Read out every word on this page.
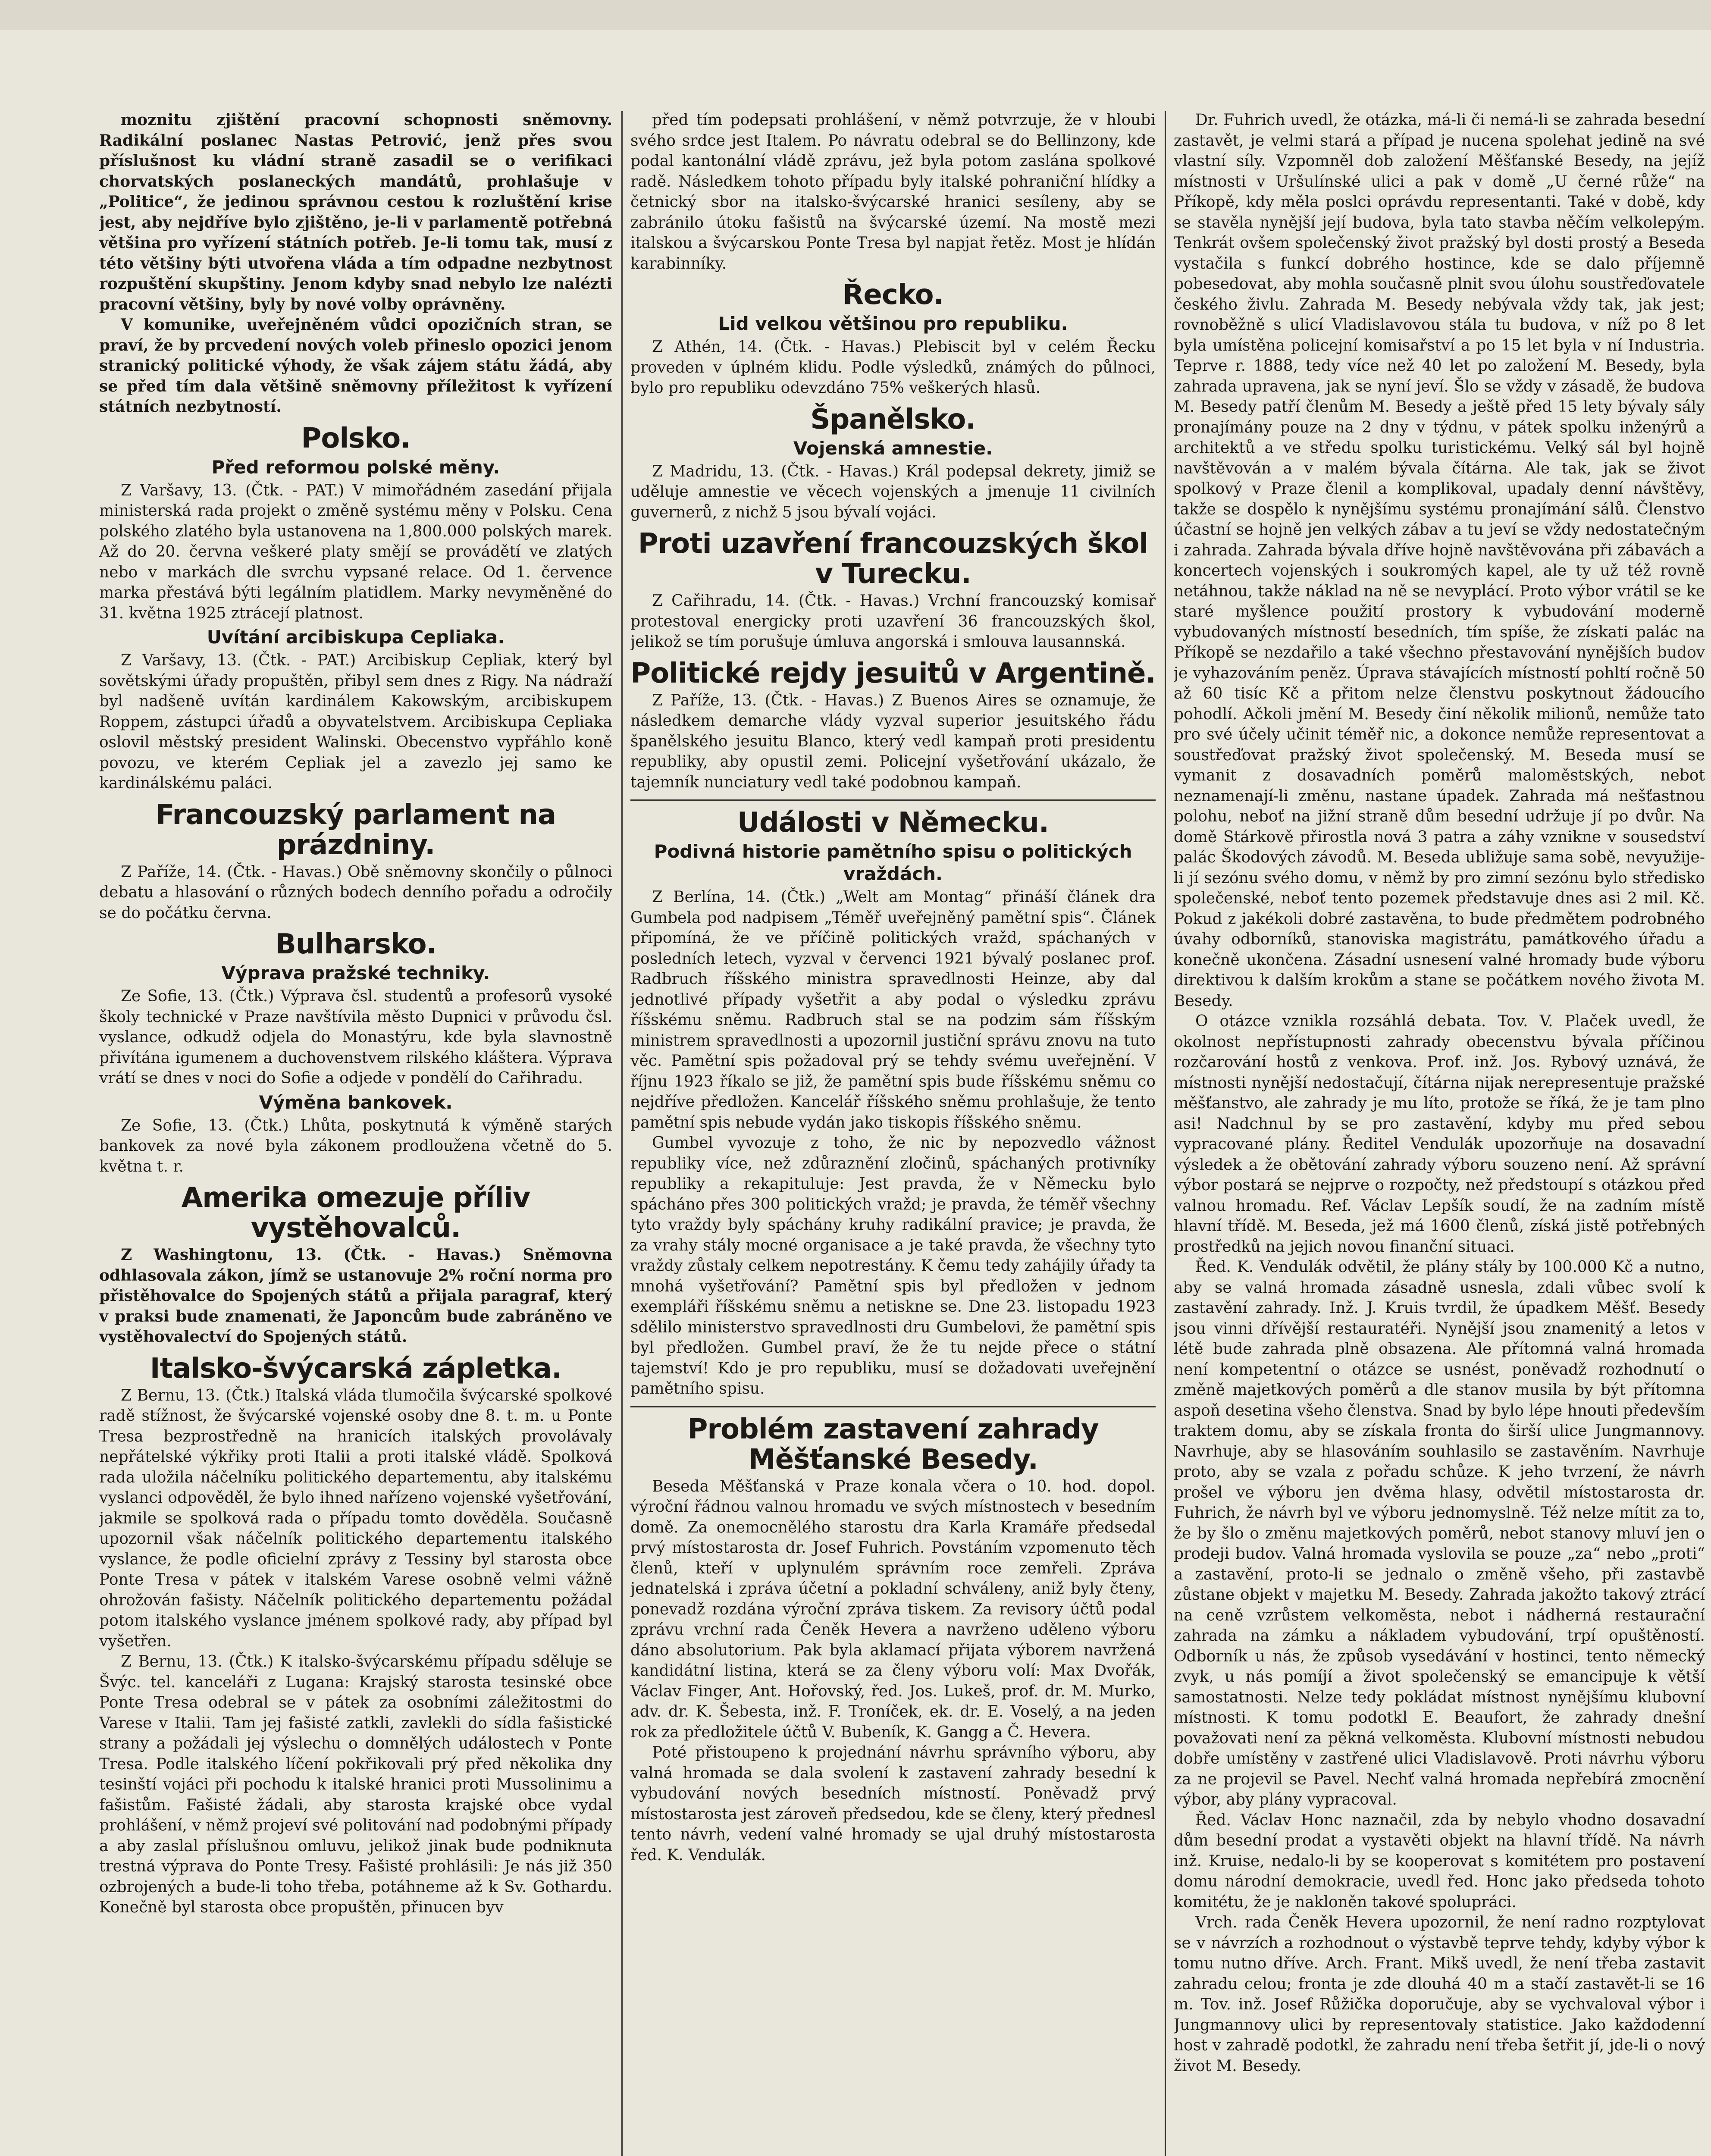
moznitu zjištění pracovní schopnosti sněmovny. Radikální poslanec Nastas Petrović, jenž přes svou příslušnost ku vládní straně zasadil se o verifikaci chorvatských poslaneckých mandátů, prohlašuje v „Politice“, že jedinou správnou cestou k rozluštění krise jest, aby nejdříve bylo zjištěno, je-li v parlamentě potřebná většina pro vyřízení státních potřeb. Je-li tomu tak, musí z této většiny býti utvořena vláda a tím odpadne nezbytnost rozpuštění skupštiny. Jenom kdyby snad nebylo lze nalézti pracovní většiny, byly by nové volby oprávněny.

V komunike, uveřejněném vůdci opozičních stran, se praví, že by prcvedení nových voleb přineslo opozici jenom stranický politické výhody, že však zájem státu žádá, aby se před tím dala většině sněmovny příležitost k vyřízení státních nezbytností.

Polsko.
Před reformou polské měny.

Z Varšavy, 13. (Čtk. - PAT.) V mimořádném zasedání přijala ministerská rada projekt o změně systému měny v Polsku. Cena polského zlatého byla ustanovena na 1,800.000 polských marek. Až do 20. června veškeré platy smějí se provádětí ve zlatých nebo v markách dle svrchu vypsané relace. Od 1. července marka přestává býti legálním platidlem. Marky nevyměněné do 31. května 1925 ztrácejí platnost.

Uvítání arcibiskupa Cepliaka.

Z Varšavy, 13. (Čtk. - PAT.) Arcibiskup Cepliak, který byl sovětskými úřady propuštěn, přibyl sem dnes z Rigy. Na nádraží byl nadšeně uvítán kardinálem Kakowským, arcibiskupem Roppem, zástupci úřadů a obyvatelstvem. Arcibiskupa Cepliaka oslovil městský president Walinski. Obecenstvo vypřáhlo koně povozu, ve kterém Cepliak jel a zavezlo jej samo ke kardinálskému paláci.

Francouzský parlament na prázdniny.

Z Paříže, 14. (Čtk. - Havas.) Obě sněmovny skončily o půlnoci debatu a hlasování o různých bodech denního pořadu a odročily se do počátku června.

Bulharsko.
Výprava pražské techniky.

Ze Sofie, 13. (Čtk.) Výprava čsl. studentů a profesorů vysoké školy technické v Praze navštívila město Dupnici v průvodu čsl. vyslance, odkudž odjela do Monastýru, kde byla slavnostně přivítána igumenem a duchovenstvem rilského kláštera. Výprava vrátí se dnes v noci do Sofie a odjede v pondělí do Cařihradu.

Výměna bankovek.

Ze Sofie, 13. (Čtk.) Lhůta, poskytnutá k výměně starých bankovek za nové byla zákonem prodloužena včetně do 5. května t. r.

Amerika omezuje příliv vystěhovalců.

Z Washingtonu, 13. (Čtk. - Havas.) Sněmovna odhlasovala zákon, jímž se ustanovuje 2% roční norma pro přistěhovalce do Spojených států a přijala paragraf, který v praksi bude znamenati, že Japoncům bude zabráněno ve vystěhovalectví do Spojených států.

Italsko-švýcarská zápletka.

Z Bernu, 13. (Čtk.) Italská vláda tlumočila švýcarské spolkové radě stížnost, že švýcarské vojenské osoby dne 8. t. m. u Ponte Tresa bezprostředně na hranicích italských provolávaly nepřátelské výkřiky proti Italii a proti italské vládě. Spolková rada uložila náčelníku politického departementu, aby italskému vyslanci odpověděl, že bylo ihned nařízeno vojenské vyšetřování, jakmile se spolková rada o případu tomto dověděla. Současně upozornil však náčelník politického departementu italského vyslance, že podle oficielní zprávy z Tessiny byl starosta obce Ponte Tresa v pátek v italském Varese osobně velmi vážně ohrožován fašisty. Náčelník politického departementu požádal potom italského vyslance jménem spolkové rady, aby případ byl vyšetřen.

Z Bernu, 13. (Čtk.) K italsko-švýcarskému případu sděluje se Švýc. tel. kanceláři z Lugana: Krajský starosta tesinské obce Ponte Tresa odebral se v pátek za osobními záležitostmi do Varese v Italii. Tam jej fašisté zatkli, zavlekli do sídla fašistické strany a požádali jej výslechu o domnělých událostech v Ponte Tresa. Podle italského líčení pokřikovali prý před několika dny tesinští vojáci při pochodu k italské hranici proti Mussolinimu a fašistům. Fašisté žádali, aby starosta krajské obce vydal prohlášení, v němž projeví své politování nad podobnými případy a aby zaslal příslušnou omluvu, jelikož jinak bude podniknuta trestná výprava do Ponte Tresy. Fašisté prohlásili: Je nás již 350 ozbrojených a bude-li toho třeba, potáhneme až k Sv. Gothardu. Konečně byl starosta obce propuštěn, přinucen byv

před tím podepsati prohlášení, v němž potvrzuje, že v hloubi svého srdce jest Italem. Po návratu odebral se do Bellinzony, kde podal kantonální vládě zprávu, jež byla potom zaslána spolkové radě. Následkem tohoto případu byly italské pohraniční hlídky a četnický sbor na italsko-švýcarské hranici sesíleny, aby se zabránilo útoku fašistů na švýcarské území. Na mostě mezi italskou a švýcarskou Ponte Tresa byl napjat řetěz. Most je hlídán karabinníky.

Řecko.
Lid velkou většinou pro republiku.

Z Athén, 14. (Čtk. - Havas.) Plebiscit byl v celém Řecku proveden v úplném klidu. Podle výsledků, známých do půlnoci, bylo pro republiku odevzdáno 75% veškerých hlasů.

Španělsko.
Vojenská amnestie.

Z Madridu, 13. (Čtk. - Havas.) Král podepsal dekrety, jimiž se uděluje amnestie ve věcech vojenských a jmenuje 11 civilních guvernerů, z nichž 5 jsou bývalí vojáci.

Proti uzavření francouzských škol v Turecku.

Z Cařihradu, 14. (Čtk. - Havas.) Vrchní francouzský komisař protestoval energicky proti uzavření 36 francouzských škol, jelikož se tím porušuje úmluva angorská i smlouva lausannská.

Politické rejdy jesuitů v Argentině.

Z Paříže, 13. (Čtk. - Havas.) Z Buenos Aires se oznamuje, že následkem demarche vlády vyzval superior jesuitského řádu španělského jesuitu Blanco, který vedl kampaň proti presidentu republiky, aby opustil zemi. Policejní vyšetřování ukázalo, že tajemník nunciatury vedl také podobnou kampaň.

Události v Německu.
Podivná historie pamětního spisu o politických vraždách.

Z Berlína, 14. (Čtk.) „Welt am Montag“ přináší článek dra Gumbela pod nadpisem „Téměř uveřejněný pamětní spis“. Článek připomíná, že ve příčině politických vražd, spáchaných v posledních letech, vyzval v červenci 1921 bývalý poslanec prof. Radbruch říšského ministra spravedlnosti Heinze, aby dal jednotlivé případy vyšetřit a aby podal o výsledku zprávu říšskému sněmu. Radbruch stal se na podzim sám říšským ministrem spravedlnosti a upozornil justiční správu znovu na tuto věc. Pamětní spis požadoval prý se tehdy svému uveřejnění. V říjnu 1923 říkalo se již, že pamětní spis bude říšskému sněmu co nejdříve předložen. Kancelář říšského sněmu prohlašuje, že tento pamětní spis nebude vydán jako tiskopis říšského sněmu.

Gumbel vyvozuje z toho, že nic by nepozvedlo vážnost republiky více, než zdůraznění zločinů, spáchaných protivníky republiky a rekapituluje: Jest pravda, že v Německu bylo spácháno přes 300 politických vražd; je pravda, že téměř všechny tyto vraždy byly spáchány kruhy radikální pravice; je pravda, že za vrahy stály mocné organisace a je také pravda, že všechny tyto vraždy zůstaly celkem nepotrestány. K čemu tedy zahájily úřady ta mnohá vyšetřování? Pamětní spis byl předložen v jednom exempláři říšskému sněmu a netiskne se. Dne 23. listopadu 1923 sdělilo ministerstvo spravedlnosti dru Gumbelovi, že pamětní spis byl předložen. Gumbel praví, že že tu nejde přece o státní tajemství! Kdo je pro republiku, musí se dožadovati uveřejnění pamětního spisu.

Problém zastavení zahrady Měšťanské Besedy.

Beseda Měšťanská v Praze konala včera o 10. hod. dopol. výroční řádnou valnou hromadu ve svých místnostech v besedním domě. Za onemocnělého starostu dra Karla Kramáře předsedal prvý místostarosta dr. Josef Fuhrich. Povstáním vzpomenuto těch členů, kteří v uplynulém správním roce zemřeli. Zpráva jednatelská i zpráva účetní a pokladní schváleny, aniž byly čteny, ponevadž rozdána výroční zpráva tiskem. Za revisory účtů podal zprávu vrchní rada Čeněk Hevera a navrženo uděleno výboru dáno absolutorium. Pak byla aklamací přijata výborem navržená kandidátní listina, která se za členy výboru volí: Max Dvořák, Václav Finger, Ant. Hořovský, řed. Jos. Lukeš, prof. dr. M. Murko, adv. dr. K. Šebesta, inž. F. Troníček, ek. dr. E. Voselý, a na jeden rok za předložitele účtů V. Bubeník, K. Gangg a Č. Hevera.

Poté přistoupeno k projednání návrhu správního výboru, aby valná hromada se dala svolení k zastavení zahrady besední k vybudování nových besedních místností. Poněvadž prvý místostarosta jest zároveň předsedou, kde se členy, který přednesl tento návrh, vedení valné hromady se ujal druhý místostarosta řed. K. Vendulák.

Dr. Fuhrich uvedl, že otázka, má-li či nemá-li se zahrada besední zastavět, je velmi stará a případ je nucena spolehat jedině na své vlastní síly. Vzpomněl dob založení Měšťanské Besedy, na jejíž místnosti v Uršulínské ulici a pak v domě „U černé růže“ na Příkopě, kdy měla poslci oprávdu representanti. Také v době, kdy se stavěla nynější její budova, byla tato stavba něčím velkolepým. Tenkrát ovšem společenský život pražský byl dosti prostý a Beseda vystačila s funkcí dobrého hostince, kde se dalo příjemně pobesedovat, aby mohla současně plnit svou úlohu soustřeďovatele českého živlu. Zahrada M. Besedy nebývala vždy tak, jak jest; rovnoběžně s ulicí Vladislavovou stála tu budova, v níž po 8 let byla umístěna policejní komisařství a po 15 let byla v ní Industria. Teprve r. 1888, tedy více než 40 let po založení M. Besedy, byla zahrada upravena, jak se nyní jeví. Šlo se vždy v zásadě, že budova M. Besedy patří členům M. Besedy a ještě před 15 lety bývaly sály pronajímány pouze na 2 dny v týdnu, v pátek spolku inženýrů a architektů a ve středu spolku turistickému. Velký sál byl hojně navštěvován a v malém bývala čítárna. Ale tak, jak se život spolkový v Praze členil a komplikoval, upadaly denní návštěvy, takže se dospělo k nynějšímu systému pronajímání sálů. Členstvo účastní se hojně jen velkých zábav a tu jeví se vždy nedostatečným i zahrada. Zahrada bývala dříve hojně navštěvována při zábavách a koncertech vojenských i soukromých kapel, ale ty už též rovně netáhnou, takže náklad na ně se nevyplácí. Proto výbor vrátil se ke staré myšlence použití prostory k vybudování moderně vybudovaných místností besedních, tím spíše, že získati palác na Příkopě se nezdařilo a také všechno přestavování nynějších budov je vyhazováním peněz. Úprava stávajících místností pohltí ročně 50 až 60 tisíc Kč a přitom nelze členstvu poskytnout žádoucího pohodlí. Ačkoli jmění M. Besedy činí několik milionů, nemůže tato pro své účely učinit téměř nic, a dokonce nemůže representovat a soustřeďovat pražský život společenský. M. Beseda musí se vymanit z dosavadních poměrů maloměstských, nebot neznamenají-li změnu, nastane úpadek. Zahrada má nešťastnou polohu, neboť na jižní straně dům besední udržuje jí po dvůr. Na domě Stárkově přirostla nová 3 patra a záhy vznikne v sousedství palác Škodových závodů. M. Beseda ubližuje sama sobě, nevyužije-li jí sezónu svého domu, v němž by pro zimní sezónu bylo středisko společenské, neboť tento pozemek představuje dnes asi 2 mil. Kč. Pokud z jakékoli dobré zastavěna, to bude předmětem podrobného úvahy odborníků, stanoviska magistrátu, památkového úřadu a konečně ukončena. Zásadní usnesení valné hromady bude výboru direktivou k dalším krokům a stane se počátkem nového života M. Besedy.

O otázce vznikla rozsáhlá debata. Tov. V. Plaček uvedl, že okolnost nepřístupnosti zahrady obecenstvu bývala příčinou rozčarování hostů z venkova. Prof. inž. Jos. Rybový uznává, že místnosti nynější nedostačují, čítárna nijak nerepresentuje pražské měšťanstvo, ale zahrady je mu líto, protože se říká, že je tam plno asi! Nadchnul by se pro zastavění, kdyby mu před sebou vypracované plány. Ředitel Vendulák upozorňuje na dosavadní výsledek a že obětování zahrady výboru souzeno není. Až správní výbor postará se nejprve o rozpočty, než předstoupí s otázkou před valnou hromadu. Ref. Václav Lepšík soudí, že na zadním místě hlavní třídě. M. Beseda, jež má 1600 členů, získá jistě potřebných prostředků na jejich novou finanční situaci.

Řed. K. Vendulák odvětil, že plány stály by 100.000 Kč a nutno, aby se valná hromada zásadně usnesla, zdali vůbec svolí k zastavění zahrady. Inž. J. Kruis tvrdil, že úpadkem Měšť. Besedy jsou vinni dřívější restauratéři. Nynější jsou znamenitý a letos v létě bude zahrada plně obsazena. Ale přítomná valná hromada není kompetentní o otázce se usnést, poněvadž rozhodnutí o změně majetkových poměrů a dle stanov musila by být přítomna aspoň desetina všeho členstva. Snad by bylo lépe hnouti především traktem domu, aby se získala fronta do širší ulice Jungmannovy. Navrhuje, aby se hlasováním souhlasilo se zastavěním. Navrhuje proto, aby se vzala z pořadu schůze. K jeho tvrzení, že návrh prošel ve výboru jen dvěma hlasy, odvětil místostarosta dr. Fuhrich, že návrh byl ve výboru jednomyslně. Též nelze mítit za to, že by šlo o změnu majetkových poměrů, nebot stanovy mluví jen o prodeji budov. Valná hromada vyslovila se pouze „za“ nebo „proti“ a zastavění, proto-li se jednalo o změně všeho, při zastavbě zůstane objekt v majetku M. Besedy. Zahrada jakožto takový ztrácí na ceně vzrůstem velkoměsta, nebot i nádherná restaurační zahrada na zámku a nákladem vybudování, trpí opuštěností. Odborník u nás, že způsob vysedávání v hostinci, tento německý zvyk, u nás pomíjí a život společenský se emancipuje k větší samostatnosti. Nelze tedy pokládat místnost nynějšímu klubovní místnosti. K tomu podotkl E. Beaufort, že zahrady dnešní považovati není za pěkná velkoměsta. Klubovní místnosti nebudou dobře umístěny v zastřené ulici Vladislavově. Proti návrhu výboru za ne projevil se Pavel. Nechť valná hromada nepřebírá zmocnění výbor, aby plány vypracoval.

Řed. Václav Honc naznačil, zda by nebylo vhodno dosavadní dům besední prodat a vystavěti objekt na hlavní třídě. Na návrh inž. Kruise, nedalo-li by se kooperovat s komitétem pro postavení domu národní demokracie, uvedl řed. Honc jako předseda tohoto komitétu, že je nakloněn takové spolupráci.

Vrch. rada Čeněk Hevera upozornil, že není radno rozptylovat se v návrzích a rozhodnout o výstavbě teprve tehdy, kdyby výbor k tomu nutno dříve. Arch. Frant. Mikš uvedl, že není třeba zastavit zahradu celou; fronta je zde dlouhá 40 m a stačí zastavět-li se 16 m. Tov. inž. Josef Růžička doporučuje, aby se vychvaloval výbor i Jungmannovy ulici by representovaly statistice. Jako každodenní host v zahradě podotkl, že zahradu není třeba šetřit jí, jde-li o nový život M. Besedy.
